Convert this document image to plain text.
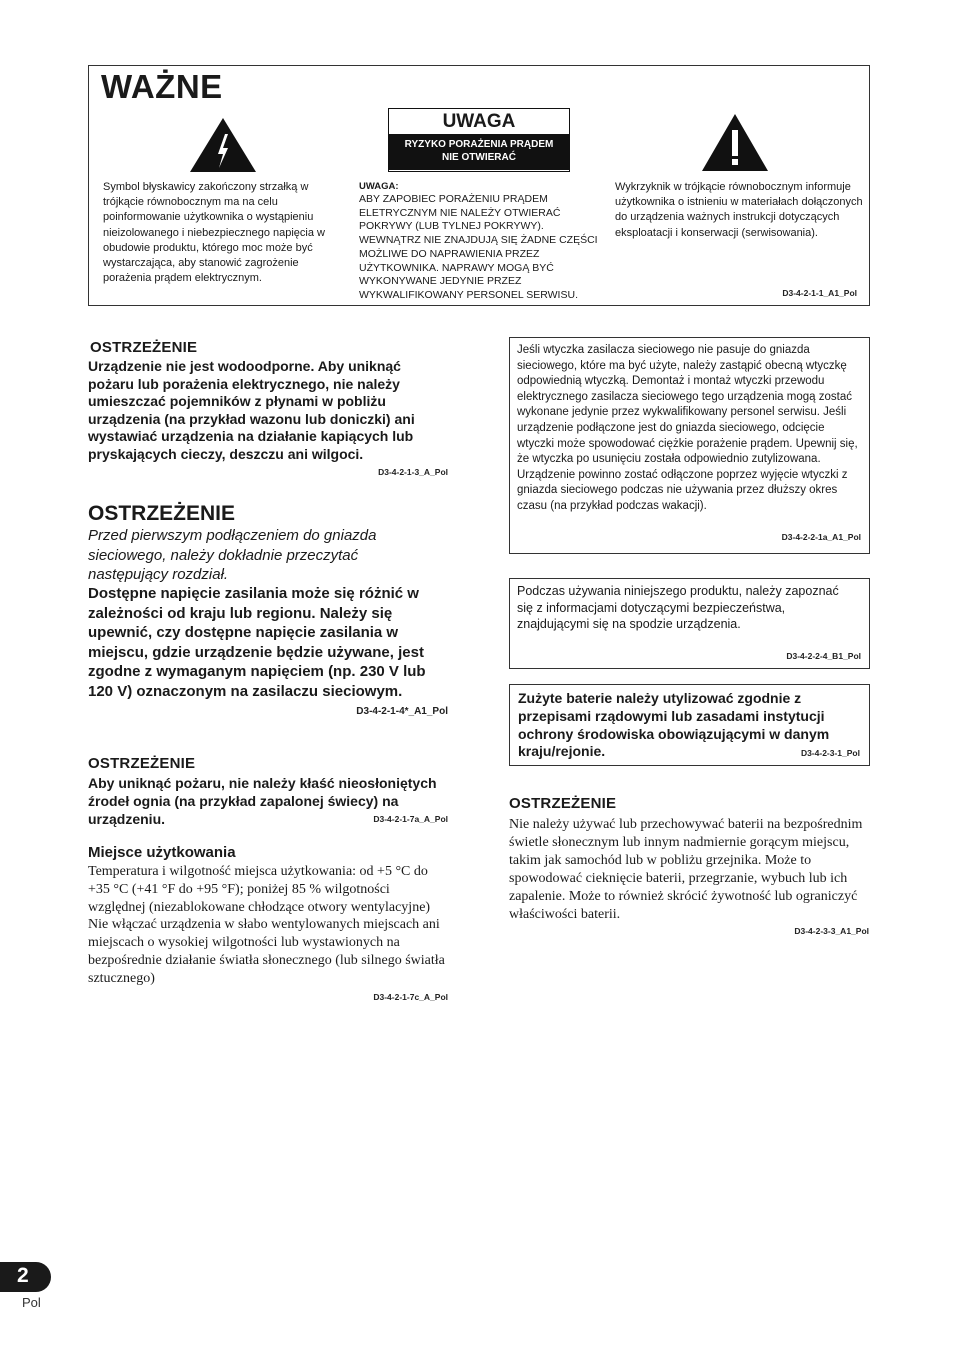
WAŻNE
UWAGA
RYZYKO PORAŻENIA PRĄDEM NIE OTWIERAĆ
Symbol błyskawicy zakończony strzałką w trójkącie równobocznym ma na celu poinformowanie użytkownika o wystąpieniu nieizolowanego i niebezpiecznego napięcia w obudowie produktu, którego moc może być wystarczająca, aby stanowić zagrożenie porażenia prądem elektrycznym.
UWAGA:
ABY ZAPOBIEC PORAŻENIU PRĄDEM ELETRYCZNYM NIE NALEŻY OTWIERAĆ POKRYWY (LUB TYLNEJ POKRYWY). WEWNĄTRZ NIE ZNAJDUJĄ SIĘ ŻADNE CZĘŚCI MOŻLIWE DO NAPRAWIENIA PRZEZ UŻYTKOWNIKA. NAPRAWY MOGĄ BYĆ WYKONYWANE JEDYNIE PRZEZ WYKWALIFIKOWANY PERSONEL SERWISU.
Wykrzyknik w trójkącie równobocznym informuje użytkownika o istnieniu w materiałach dołączonych do urządzenia ważnych instrukcji dotyczących eksploatacji i konserwacji (serwisowania).
D3-4-2-1-1_A1_Pol
OSTRZEŻENIE
Urządzenie nie jest wodoodporne. Aby uniknąć pożaru lub porażenia elektrycznego, nie należy umieszczać pojemników z płynami w pobliżu urządzenia (na przykład wazonu lub doniczki) ani wystawiać urządzenia na działanie kapiących lub pryskających cieczy, deszczu ani wilgoci.
D3-4-2-1-3_A_Pol
OSTRZEŻENIE
Przed pierwszym podłączeniem do gniazda sieciowego, należy dokładnie przeczytać następujący rozdział.
Dostępne napięcie zasilania może się różnić w zależności od kraju lub regionu. Należy się upewnić, czy dostępne napięcie zasilania w miejscu, gdzie urządzenie będzie używane, jest zgodne z wymaganym napięciem (np. 230 V lub 120 V) oznaczonym na zasilaczu sieciowym.
D3-4-2-1-4*_A1_Pol
OSTRZEŻENIE
Aby uniknąć pożaru, nie należy kłaść nieosłoniętych źrodeł ognia (na przykład zapalonej świecy) na urządzeniu.	D3-4-2-1-7a_A_Pol
Miejsce użytkowania
Temperatura i wilgotność miejsca użytkowania: od +5 °C do +35 °C (+41 °F do +95 °F); poniżej 85 % wilgotności względnej (niezablokowane chłodzące otwory wentylacyjne) Nie włączać urządzenia w słabo wentylowanych miejscach ani miejscach o wysokiej wilgotności lub wystawionych na bezpośrednie działanie światła słonecznego (lub silnego światła sztucznego)
D3-4-2-1-7c_A_Pol
Jeśli wtyczka zasilacza sieciowego nie pasuje do gniazda sieciowego, które ma być użyte, należy zastąpić obecną wtyczkę odpowiednią wtyczką. Demontaż i montaż wtyczki przewodu elektrycznego zasilacza sieciowego tego urządzenia mogą zostać wykonane jedynie przez wykwalifikowany personel serwisu. Jeśli urządzenie podłączone jest do gniazda sieciowego, odcięcie wtyczki może spowodować ciężkie porażenie prądem. Upewnij się, że wtyczka po usunięciu została odpowiednio zutylizowana. Urządzenie powinno zostać odłączone poprzez wyjęcie wtyczki z gniazda sieciowego podczas nie używania przez dłuższy okres czasu (na przykład podczas wakacji).
D3-4-2-2-1a_A1_Pol
Podczas używania niniejszego produktu, należy zapoznać się z informacjami dotyczącymi bezpieczeństwa, znajdującymi się na spodzie urządzenia.
D3-4-2-2-4_B1_Pol
Zużyte baterie należy utylizować zgodnie z przepisami rządowymi lub zasadami instytucji ochrony środowiska obowiązującymi w danym kraju/rejonie.	D3-4-2-3-1_Pol
OSTRZEŻENIE
Nie należy używać lub przechowywać baterii na bezpośrednim świetle słonecznym lub innym nadmiernie gorącym miejscu, takim jak samochód lub w pobliżu grzejnika. Może to spowodować cieknięcie baterii, przegrzanie, wybuch lub ich zapalenie. Może to również skrócić żywotność lub ograniczyć właściwości baterii.
D3-4-2-3-3_A1_Pol
2
Pol
